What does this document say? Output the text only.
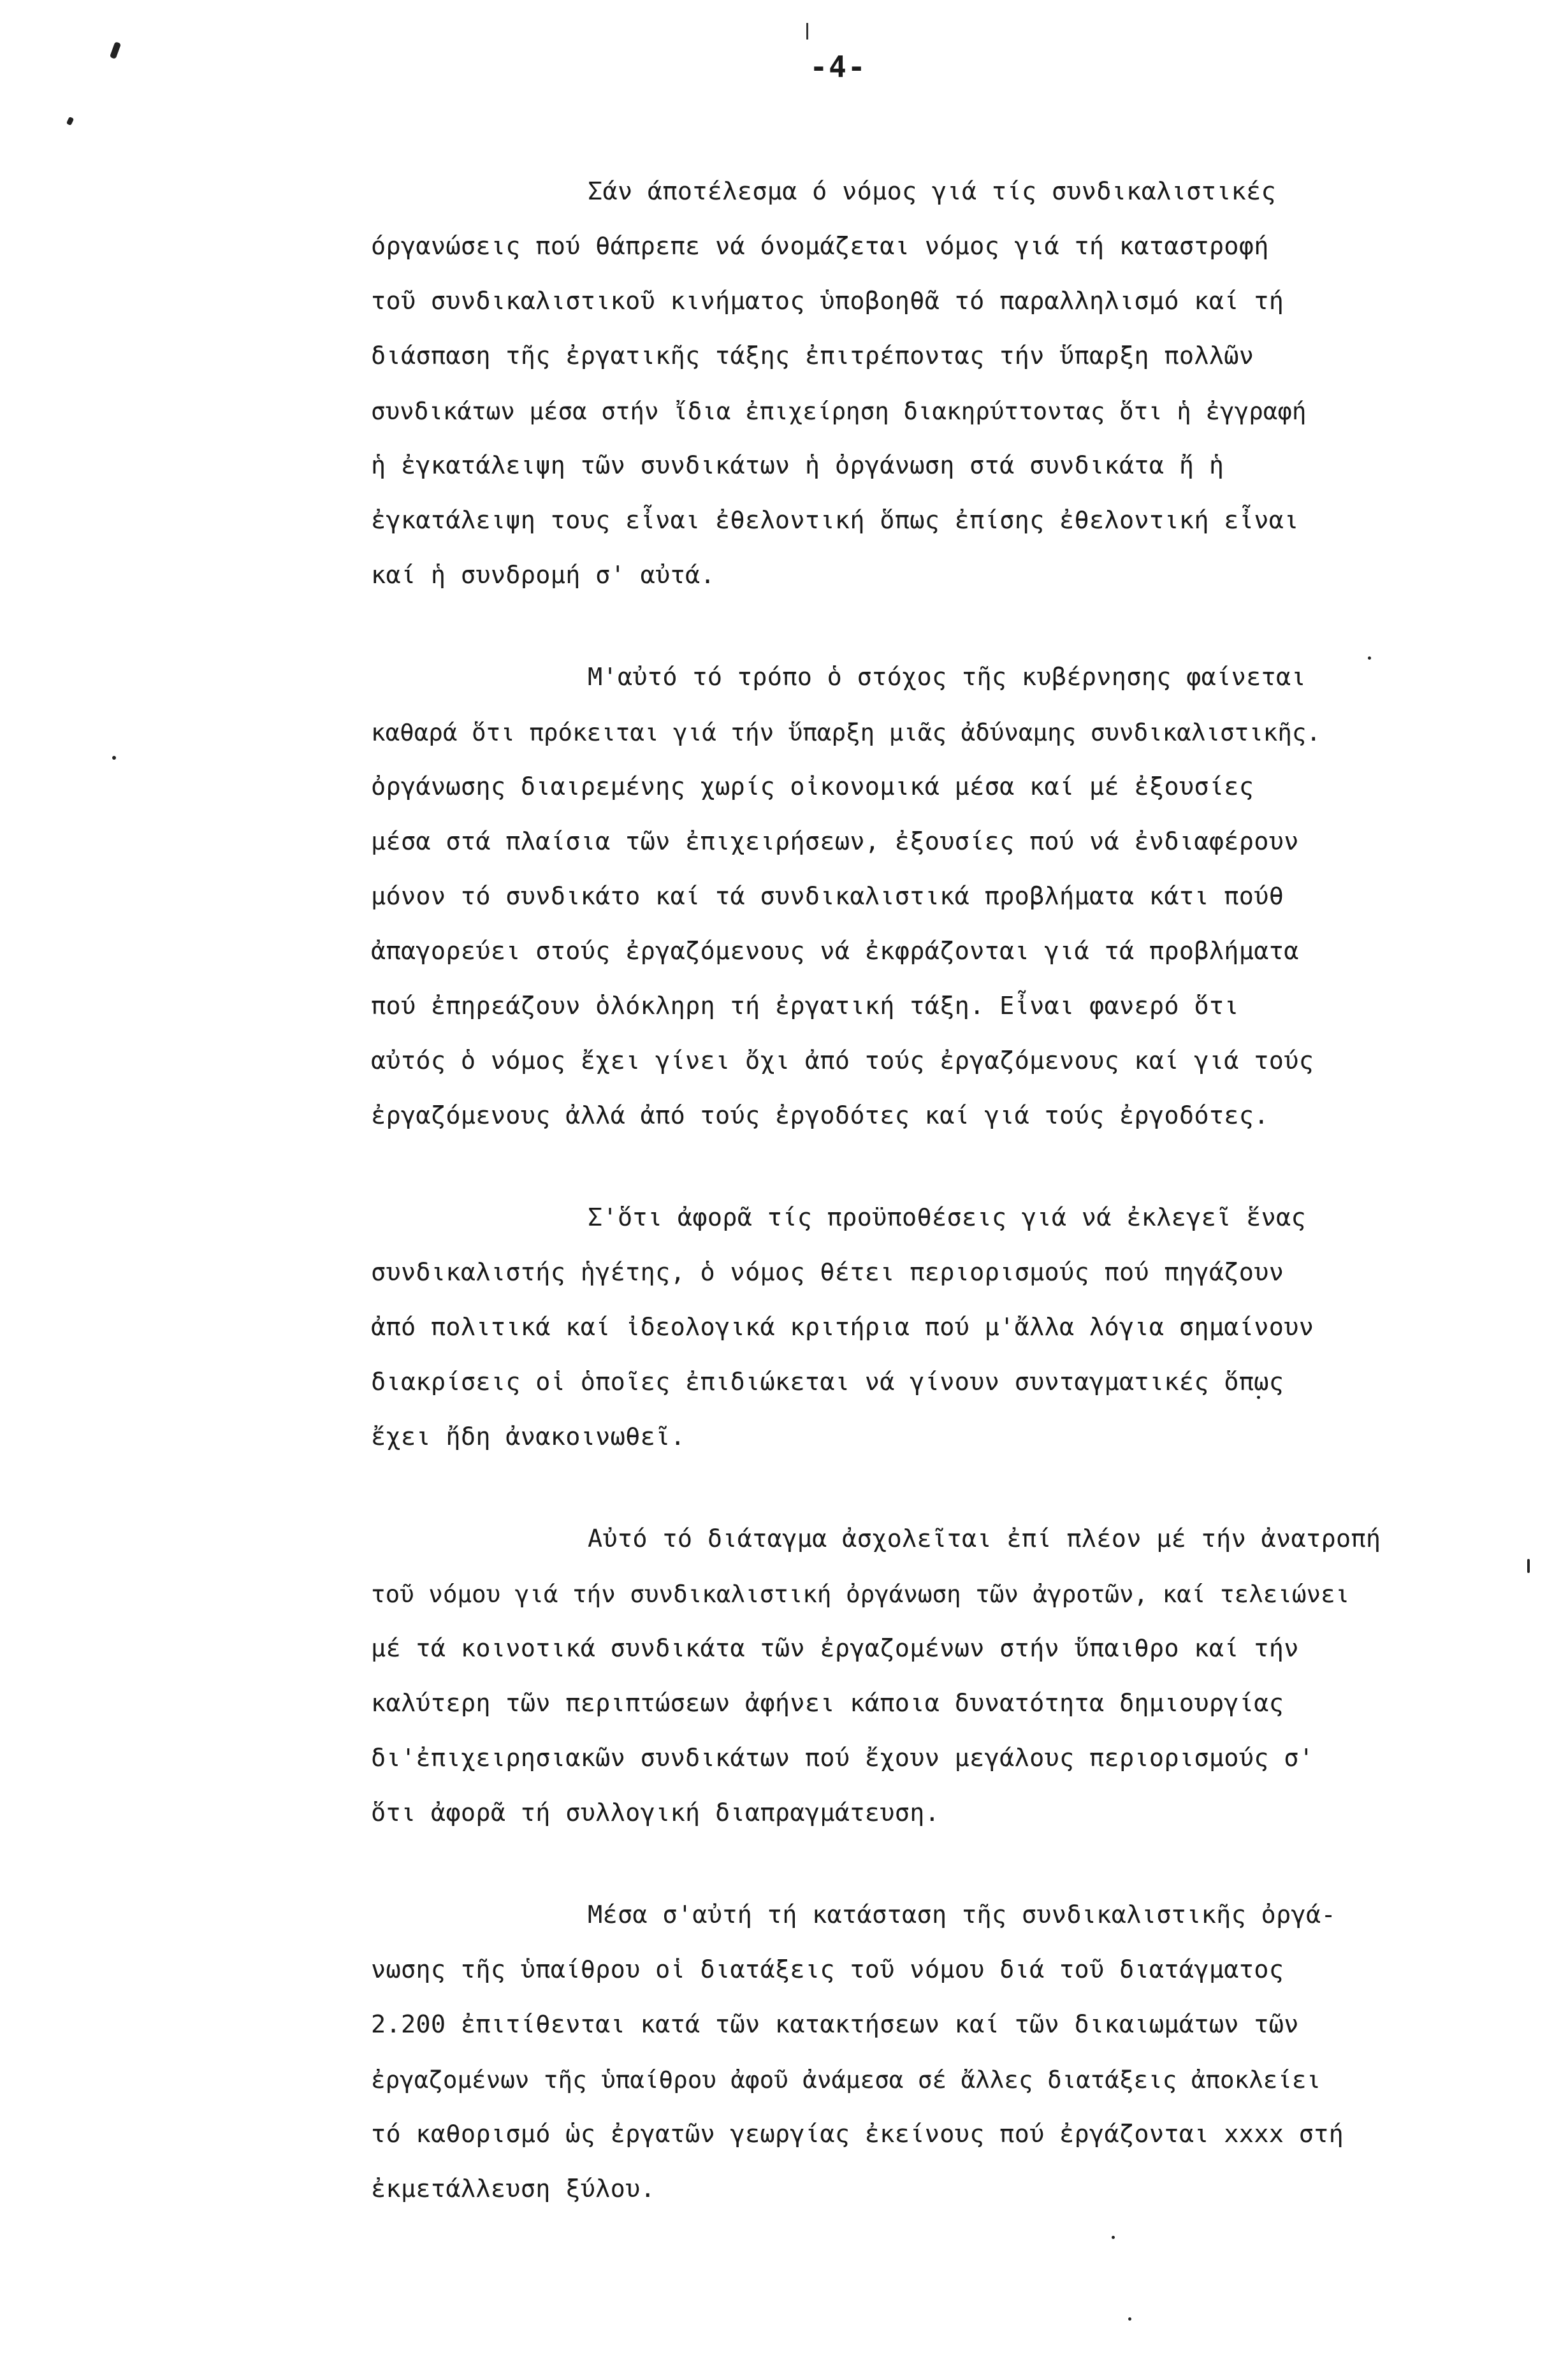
-4-
Σάν άποτέλεσμα ό νόμος γιά τίς συνδικαλιστικές
όργανώσεις πού θάπρεπε νά όνομάζεται νόμος γιά τή καταστροφή
τοῦ συνδικαλιστικοῦ κινήματος ὑποβοηθᾶ τό παραλληλισμό καί τή
διάσπαση τῆς ἐργατικῆς τάξης ἐπιτρέποντας τήν ὕπαρξη πολλῶν
συνδικάτων μέσα στήν ἴδια ἐπιχείρηση διακηρύττοντας ὅτι ἡ ἐγγραφή
ἡ ἐγκατάλειψη τῶν συνδικάτων ἡ ὀργάνωση στά συνδικάτα ἤ ἡ
ἐγκατάλειψη τους εἶναι ἐθελοντική ὅπως ἐπίσης ἐθελοντική εἶναι
καί ἡ συνδρομή σ' αὐτά.
Μ'αὐτό τό τρόπο ὁ στόχος τῆς κυβέρνησης φαίνεται
καθαρά ὅτι πρόκειται γιά τήν ὕπαρξη μιᾶς ἀδύναμης συνδικαλιστικῆς.
ὀργάνωσης διαιρεμένης χωρίς οἰκονομικά μέσα καί μέ ἐξουσίες
μέσα στά πλαίσια τῶν ἐπιχειρήσεων, ἐξουσίες πού νά ἐνδιαφέρουν
μόνον τό συνδικάτο καί τά συνδικαλιστικά προβλήματα κάτι πούθ
ἀπαγορεύει στούς ἐργαζόμενους νά ἐκφράζονται γιά τά προβλήματα
πού ἐπηρεάζουν ὁλόκληρη τή ἐργατική τάξη. Εἶναι φανερό ὅτι
αὐτός ὁ νόμος ἔχει γίνει ὄχι ἀπό τούς ἐργαζόμενους καί γιά τούς
ἐργαζόμενους ἀλλά ἀπό τούς ἐργοδότες καί γιά τούς ἐργοδότες.
Σ'ὅτι ἀφορᾶ τίς προϋποθέσεις γιά νά ἐκλεγεῖ ἕνας
συνδικαλιστής ἡγέτης, ὁ νόμος θέτει περιορισμούς πού πηγάζουν
ἀπό πολιτικά καί ἰδεολογικά κριτήρια πού μ'ἄλλα λόγια σημαίνουν
διακρίσεις οἱ ὁποῖες ἐπιδιώκεται νά γίνουν συνταγματικές ὅπως
ἔχει ἤδη ἀνακοινωθεῖ.
Αὐτό τό διάταγμα ἀσχολεῖται ἐπί πλέον μέ τήν ἀνατροπή
τοῦ νόμου γιά τήν συνδικαλιστική ὀργάνωση τῶν ἀγροτῶν, καί τελειώνει
μέ τά κοινοτικά συνδικάτα τῶν ἐργαζομένων στήν ὕπαιθρο καί τήν
καλύτερη τῶν περιπτώσεων ἀφήνει κάποια δυνατότητα δημιουργίας
δι'ἐπιχειρησιακῶν συνδικάτων πού ἔχουν μεγάλους περιορισμούς σ'
ὅτι ἀφορᾶ τή συλλογική διαπραγμάτευση.
Μέσα σ'αὐτή τή κατάσταση τῆς συνδικαλιστικῆς ὀργά-
νωσης τῆς ὑπαίθρου οἱ διατάξεις τοῦ νόμου διά τοῦ διατάγματος
2.200 ἐπιτίθενται κατά τῶν κατακτήσεων καί τῶν δικαιωμάτων τῶν
ἐργαζομένων τῆς ὑπαίθρου ἀφοῦ ἀνάμεσα σέ ἄλλες διατάξεις ἀποκλείει
τό καθορισμό ὡς ἐργατῶν γεωργίας ἐκείνους πού ἐργάζονται xxxx στή
ἐκμετάλλευση ξύλου.
